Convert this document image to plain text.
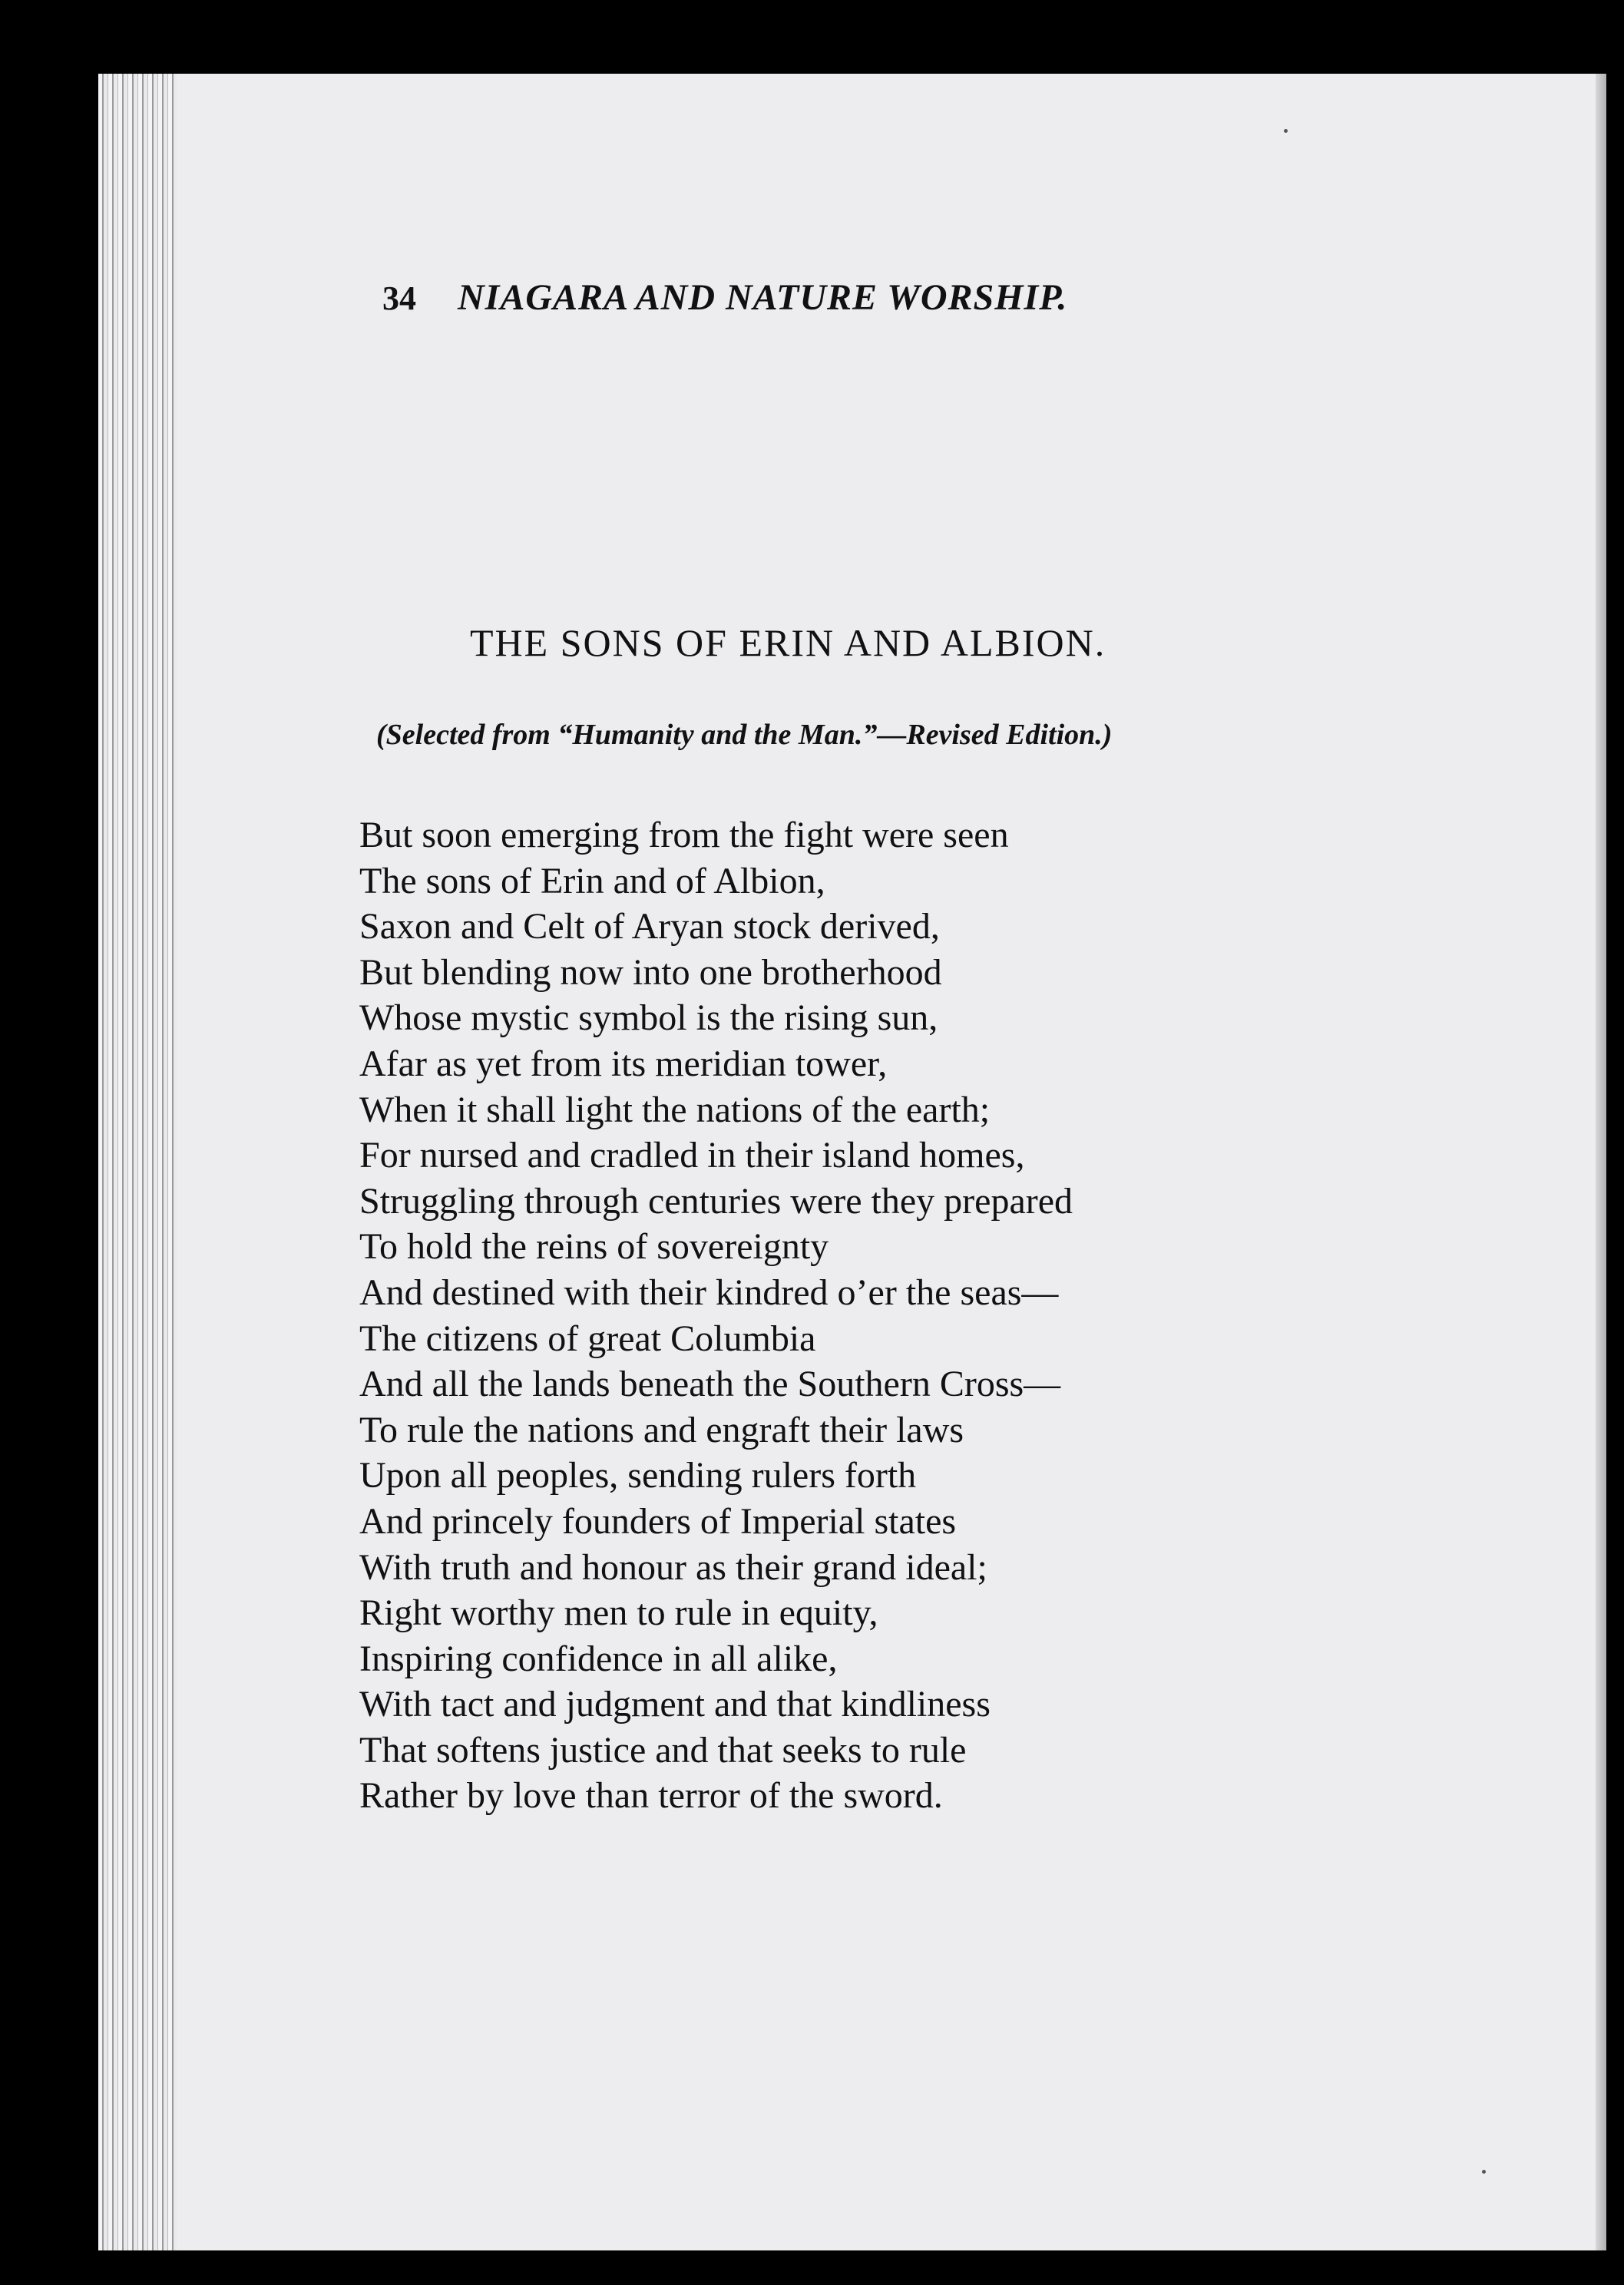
34 NIAGARA AND NATURE WORSHIP.
THE SONS OF ERIN AND ALBION.
(Selected from “Humanity and the Man.”—Revised Edition.)
But soon emerging from the fight were seen
The sons of Erin and of Albion,
Saxon and Celt of Aryan stock derived,
But blending now into one brotherhood
Whose mystic symbol is the rising sun,
Afar as yet from its meridian tower,
When it shall light the nations of the earth;
For nursed and cradled in their island homes,
Struggling through centuries were they prepared
To hold the reins of sovereignty
And destined with their kindred o’er the seas—
The citizens of great Columbia
And all the lands beneath the Southern Cross—
To rule the nations and engraft their laws
Upon all peoples, sending rulers forth
And princely founders of Imperial states
With truth and honour as their grand ideal;
Right worthy men to rule in equity,
Inspiring confidence in all alike,
With tact and judgment and that kindliness
That softens justice and that seeks to rule
Rather by love than terror of the sword.
